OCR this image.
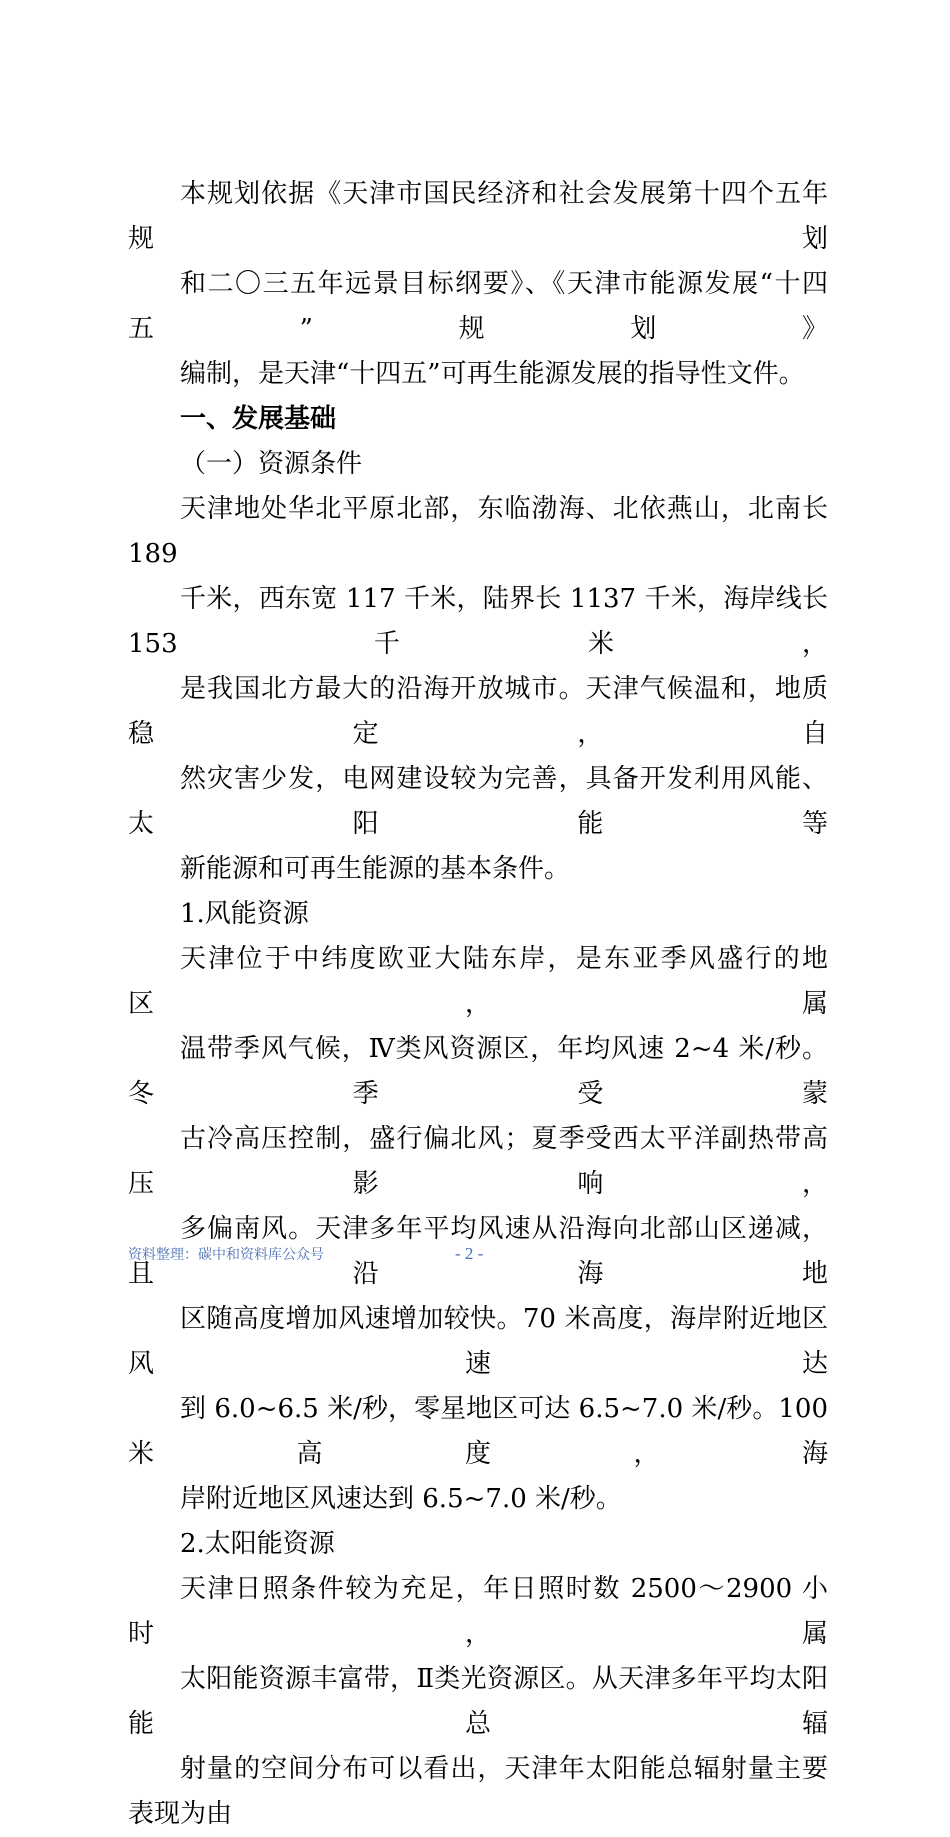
本规划依据《天津市国民经济和社会发展第十四个五年规划
和二〇三五年远景目标纲要》、《天津市能源发展“十四五”规划》
编制，是天津“十四五”可再生能源发展的指导性文件。

一、发展基础

（一）资源条件

天津地处华北平原北部，东临渤海、北依燕山，北南长 189
千米，西东宽 117 千米，陆界长 1137 千米，海岸线长 153 千米，
是我国北方最大的沿海开放城市。天津气候温和，地质稳定，自
然灾害少发，电网建设较为完善，具备开发利用风能、太阳能等
新能源和可再生能源的基本条件。

1.风能资源

天津位于中纬度欧亚大陆东岸，是东亚季风盛行的地区，属
温带季风气候，Ⅳ类风资源区，年均风速 2~4 米/秒。冬季受蒙
古冷高压控制，盛行偏北风；夏季受西太平洋副热带高压影响，
多偏南风。天津多年平均风速从沿海向北部山区递减，且沿海地
区随高度增加风速增加较快。70 米高度，海岸附近地区风速达
到 6.0~6.5 米/秒，零星地区可达 6.5~7.0 米/秒。100 米高度，海
岸附近地区风速达到 6.5~7.0 米/秒。

2.太阳能资源

天津日照条件较为充足，年日照时数 2500～2900 小时，属
太阳能资源丰富带，Ⅱ类光资源区。从天津多年平均太阳能总辐
射量的空间分布可以看出，天津年太阳能总辐射量主要表现为由

资料整理：碳中和资料库公众号	- 2 -
